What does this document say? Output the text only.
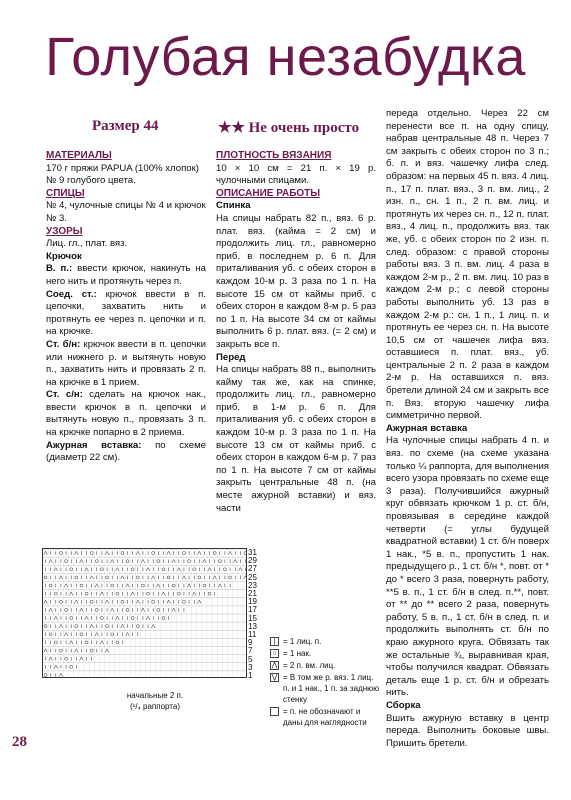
Голубая незабудка
Размер 44	★★ Не очень просто
МАТЕРИАЛЫ

170 г пряжи PAPUA (100% хлопок) № 9 голубого цвета.

СПИЦЫ

№ 4, чулочные спицы № 4 и крючок № 3.

УЗОРЫ

Лиц. гл., плат. вяз.

Крючок

В. п.: ввести крючок, накинуть на него нить и протянуть через п.

Соед. ст.: крючок ввести в п. цепочки, захватить нить и протянуть ее через п. цепочки и п. на крючке.

Ст. б/н: крючок ввести в п. цепочки или нижнего р. и вытянуть новую п., захватить нить и провязать 2 п. на крючке в 1 прием.

Ст. с/н: сделать на крючок нак., ввести крючок в п. цепочки и вытянуть новую п., провязать 3 п. на крючке попарно в 2 приема.

Ажурная вставка: по схеме (диаметр 22 см).

ПЛОТНОСТЬ ВЯЗАНИЯ

10 × 10 см = 21 п. × 19 р. чулочными спицами.

ОПИСАНИЕ РАБОТЫ

Спинка

На спицы набрать 82 п., вяз. 6 р. плат. вяз. (кайма = 2 см) и продолжить лиц. гл., равномерно приб. в последнем р. 6 п. Для приталивания уб. с обеих сторон в каждом 10-м р. 3 раза по 1 п. На высоте 15 см от каймы приб. с обеих сторон в каждом 8-м р. 5 раз по 1 п. На высоте 34 см от каймы выполнить 6 р. плат. вяз. (= 2 см) и закрыть все п.

Перед

На спицы набрать 88 п., выполнить кайму так же, как на спинке, продолжить лиц. гл., равномерно приб. в 1-м р. 6 п. Для приталивания уб. с обеих сторон в каждом 10-м р. 3 раза по 1 п. На высоте 13 см от каймы приб. с обеих сторон в каждом 6-м р. 7 раз по 1 п. На высоте 7 см от каймы закрыть центральные 48 п. (на месте ажурной вставки) и вяз. части

переда отдельно. Через 22 см перенести все п. на одну спицу, набрав центральные 48 п. Через 7 см закрыть с обеих сторон по 3 п.; б. п. и вяз. чашечку лифа след. образом: на первых 45 п. вяз. 4 лиц. п., 17 п. плат. вяз., 3 п. вм. лиц., 2 изн. п., сн. 1 п., 2 п. вм. лиц. и протянуть их через сн. п., 12 п. плат. вяз., 4 лиц. п., продолжить вяз. так же, уб. с обеих сторон по 2 изн. п. след. образом: с правой стороны работы вяз. 3 п. вм. лиц. 4 раза в каждом 2-м р., 2 п. вм. лиц. 10 раз в каждом 2-м р.; с левой стороны работы выполнить уб. 13 раз в каждом 2-м р.: сн. 1 п., 1 лиц. п. и протянуть ее через сн. п. На высоте 10,5 см от чашечек лифа вяз. оставшиеся п. плат. вяз., уб. центральные 2 п. 2 раза в каждом 2-м р. На оставшихся п. вяз. бретели длиной 24 см и закрыть все п. Вяз. вторую чашечку лифа симметрично первой.

Ажурная вставка

На чулочные спицы набрать 4 п. и вяз. по схеме (на схеме указана только ¼ раппорта, для выполнения всего узора провязать по схеме еще 3 раза). Получившийся ажурный круг обвязать крючком 1 р. ст. б/н, провязывая в середине каждой четверти (= углы будущей квадратной вставки) 1 ст. б/н поверх 1 нак., *5 в. п., пропустить 1 нак. предыдущего р., 1 ст. б/н *, повт. от * до * всего 3 раза, повернуть работу, **5 в. п., 1 ст. б/н в след. п.**, повт. от ** до ** всего 2 раза, повернуть работу, 5 в. п., 1 ст. б/н в след. п. и продолжить выполнять ст. б/н по краю ажурного круга. Обвязать так же остальные ¾, выравнивая края, чтобы получился квадрат. Обвязать деталь еще 1 р. ст. б/н и обрезать нить.

Сборка

Вшить ажурную вставку в центр переда. Выполнить боковые швы. Пришить бретели.

31
29
27
25
23
21
19
17
15
13
11
9
7
5
3
1
| = 1 лиц. п.
○ = 1 нак.
⋀ = 2 п. вм. лиц.
⋁ = В том же р. вяз. 1 лиц. п. и 1 нак., 1 п. за заднюю стенку
= п. не обозначают и даны для наглядности
начальные 2 п.
(¹/₄ раппорта)
28
